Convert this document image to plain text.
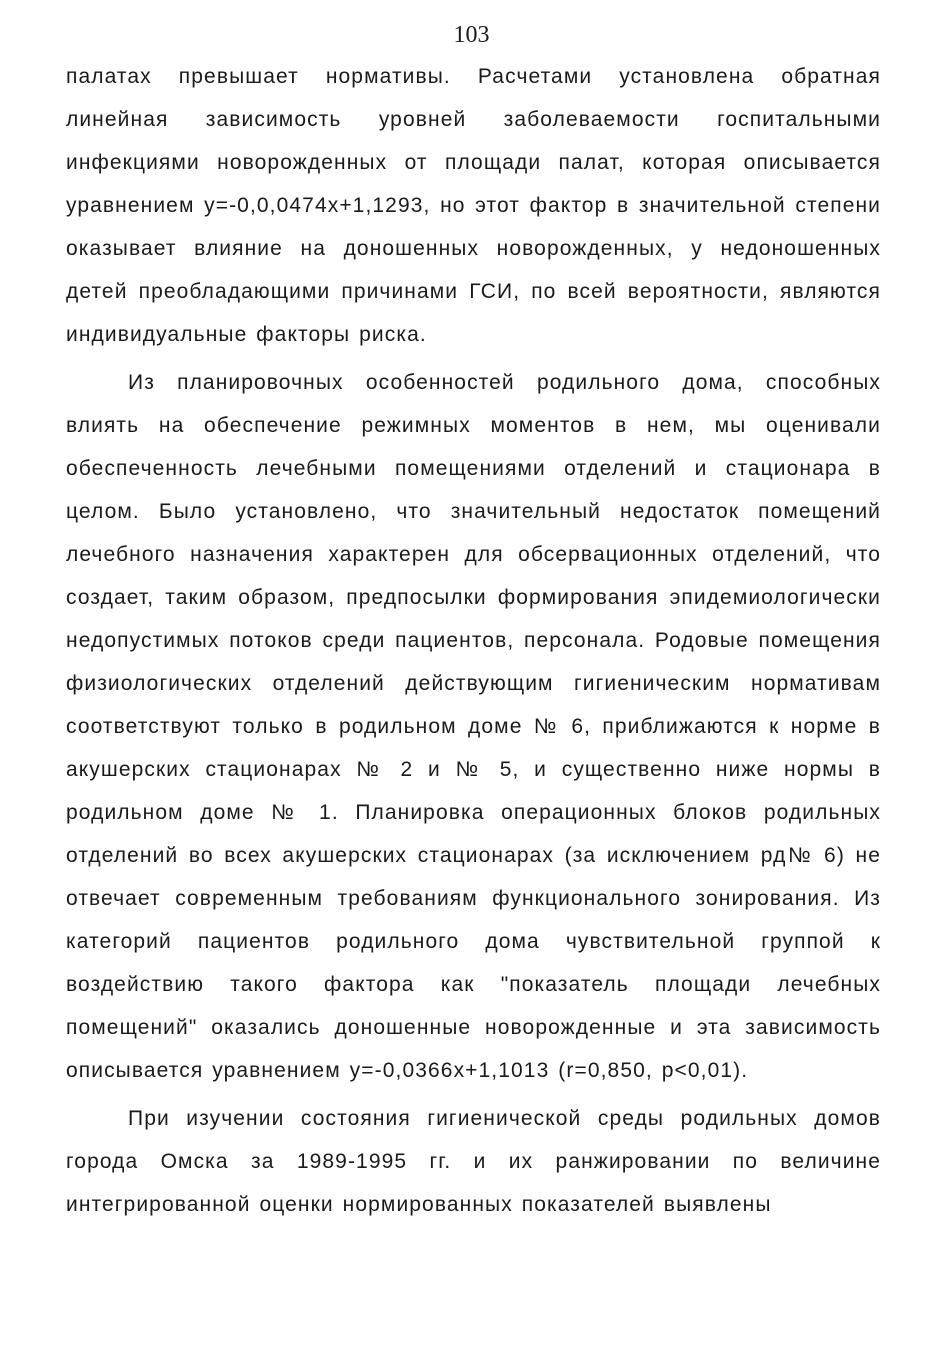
103

палатах превышает нормативы. Расчетами установлена обратная линейная зависимость уровней заболеваемости госпитальными инфекциями новорожденных от площади палат, которая описывается уравнением y=-0,0,0474x+1,1293, но этот фактор в значительной степени оказывает влияние на доношенных новорожденных, у недоношенных детей преобладающими причинами ГСИ, по всей вероятности, являются индивидуальные факторы риска.

Из планировочных особенностей родильного дома, способных влиять на обеспечение режимных моментов в нем, мы оценивали обеспеченность лечебными помещениями отделений и стационара в целом. Было установлено, что значительный недостаток помещений лечебного назначения характерен для обсервационных отделений, что создает, таким образом, предпосылки формирования эпидемиологически недопустимых потоков среди пациентов, персонала. Родовые помещения физиологических отделений действующим гигиеническим нормативам соответствуют только в родильном доме № 6, приближаются к норме в акушерских стационарах № 2 и № 5, и существенно ниже нормы в родильном доме № 1. Планировка операционных блоков родильных отделений во всех акушерских стационарах (за исключением рд№ 6) не отвечает современным требованиям функционального зонирования. Из категорий пациентов родильного дома чувствительной группой к воздействию такого фактора как "показатель площади лечебных помещений" оказались доношенные новорожденные и эта зависимость описывается уравнением y=-0,0366x+1,1013 (r=0,850, p<0,01).

При изучении состояния гигиенической среды родильных домов города Омска за 1989-1995 гг. и их ранжировании по величине интегрированной оценки нормированных показателей выявлены
